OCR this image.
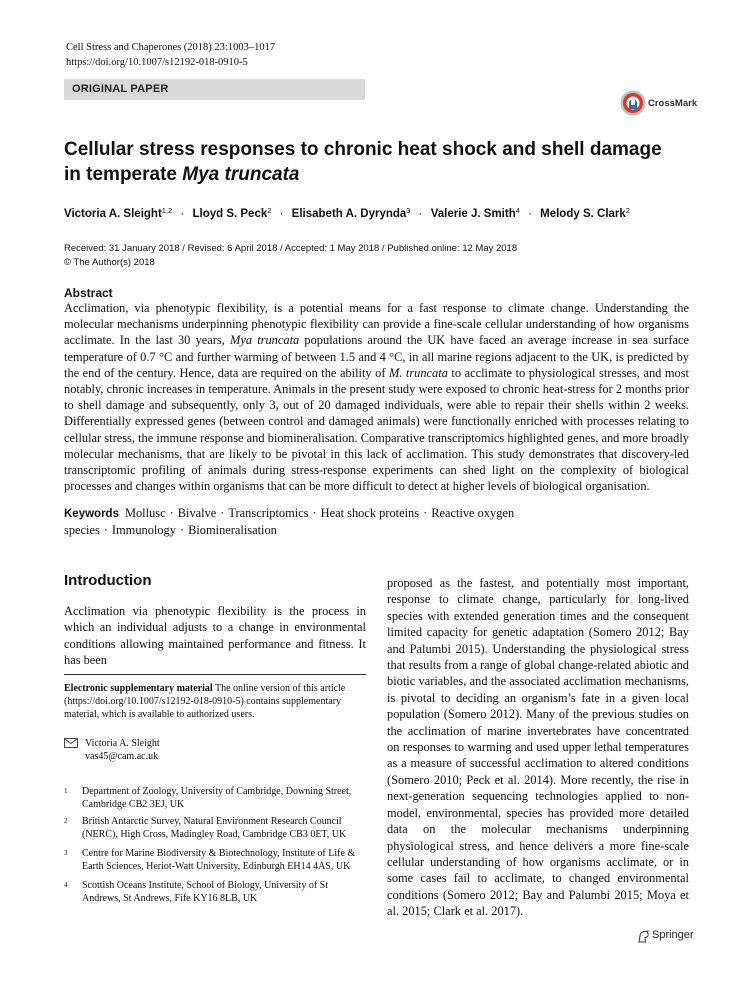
Cell Stress and Chaperones (2018) 23:1003–1017
https://doi.org/10.1007/s12192-018-0910-5
ORIGINAL PAPER
CrossMark
Cellular stress responses to chronic heat shock and shell damage
in temperate Mya truncata
Victoria A. Sleight$^{1,2}$ · Lloyd S. Peck$^2$ · Elisabeth A. Dyrynda$^3$ · Valerie J. Smith$^4$ · Melody S. Clark$^2$
Received: 31 January 2018 / Revised: 6 April 2018 / Accepted: 1 May 2018 / Published online: 12 May 2018
© The Author(s) 2018
Abstract
Acclimation, via phenotypic flexibility, is a potential means for a fast response to climate change. Understanding the molecular mechanisms underpinning phenotypic flexibility can provide a fine-scale cellular understanding of how organisms acclimate. In the last 30 years, Mya truncata populations around the UK have faced an average increase in sea surface temperature of 0.7 °C and further warming of between 1.5 and 4 °C, in all marine regions adjacent to the UK, is predicted by the end of the century. Hence, data are required on the ability of M. truncata to acclimate to physiological stresses, and most notably, chronic increases in temperature. Animals in the present study were exposed to chronic heat-stress for 2 months prior to shell damage and subsequently, only 3, out of 20 damaged individuals, were able to repair their shells within 2 weeks. Differentially expressed genes (between control and damaged animals) were functionally enriched with processes relating to cellular stress, the immune response and biomineralisation. Comparative transcriptomics highlighted genes, and more broadly molecular mechanisms, that are likely to be pivotal in this lack of acclimation. This study demonstrates that discovery-led transcriptomic profiling of animals during stress-response experiments can shed light on the complexity of biological processes and changes within organisms that can be more difficult to detect at higher levels of biological organisation.
Keywords Mollusc · Bivalve · Transcriptomics · Heat shock proteins · Reactive oxygen species · Immunology · Biomineralisation
Introduction
Acclimation via phenotypic flexibility is the process in which an individual adjusts to a change in environmental conditions allowing maintained performance and fitness. It has been
proposed as the fastest, and potentially most important, response to climate change, particularly for long-lived species with extended generation times and the consequent limited capacity for genetic adaptation (Somero 2012; Bay and Palumbi 2015). Understanding the physiological stress that results from a range of global change-related abiotic and biotic variables, and the associated acclimation mechanisms, is pivotal to deciding an organism’s fate in a given local population (Somero 2012). Many of the previous studies on the acclimation of marine invertebrates have concentrated on responses to warming and used upper lethal temperatures as a measure of successful acclimation to altered conditions (Somero 2010; Peck et al. 2014). More recently, the rise in next-generation sequencing technologies applied to non-model, environmental, species has provided more detailed data on the molecular mechanisms underpinning physiological stress, and hence delivers a more fine-scale cellular understanding of how organisms acclimate, or in some cases fail to acclimate, to changed environmental conditions (Somero 2012; Bay and Palumbi 2015; Moya et al. 2015; Clark et al. 2017).
Electronic supplementary material The online version of this article (https://doi.org/10.1007/s12192-018-0910-5) contains supplementary material, which is available to authorized users.
Victoria A. Sleight
vas45@cam.ac.uk
1 Department of Zoology, University of Cambridge, Downing Street, Cambridge CB2 3EJ, UK
2 British Antarctic Survey, Natural Environment Research Council (NERC), High Cross, Madingley Road, Cambridge CB3 0ET, UK
3 Centre for Marine Biodiversity & Biotechnology, Institute of Life & Earth Sciences, Heriot-Watt University, Edinburgh EH14 4AS, UK
4 Scottish Oceans Institute, School of Biology, University of St Andrews, St Andrews, Fife KY16 8LB, UK
Springer
